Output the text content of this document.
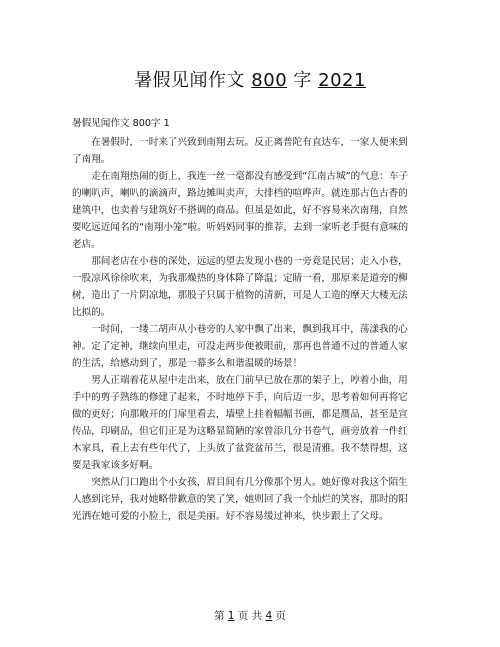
暑假见闻作文 800 字 2021

暑假见闻作文 800字 1

在暑假时，一时来了兴致到南翔去玩。反正离普陀有直达车，一家人便来到了南翔。

走在南翔热闹的街上，我连一丝一毫都没有感受到“江南古城”的气息：车子的喇叭声，喇叭的滴滴声，路边摊叫卖声，大排档的喧哗声。就连那古色古香的建筑中，也卖着与建筑好不搭调的商品。但虽是如此，好不容易来次南翔，自然要吃远近闻名的“南翔小笼”啦。听妈妈同事的推荐，去到一家听老手挺有意味的老店。

那间老店在小巷的深处，远远的望去发现小巷的一旁竟是民居；走入小巷，一股凉风徐徐吹来，为我那燥热的身体降了降温；定睛一看，那原来是道旁的柳树，造出了一片阴凉地，那股子只属于植物的清新，可是人工造的摩天大楼无法比拟的。

一时间，一缕二胡声从小巷旁的人家中飘了出来，飘到我耳中，荡漾我的心神。定了定神，继续向里走，可没走两步便被眼前，那再也普通不过的普通人家的生活，给感动到了，那是一幕多么和谐温暖的场景！

男人正端着花从屋中走出来，放在门前早已放在那的架子上，哼着小曲，用手中的剪子熟练的修建了起来，不时地停下手，向后迈一步，思考着如何再将它做的更好；向那敞开的门扉里看去，墙壁上挂着幅幅书画，都是赝品，甚至是宣传品，印刷品，但它们正是为这略显简陋的家曾添几分书卷气，画旁放着一件红木家具，看上去有些年代了，上头放了盆瓷盆吊兰，很是清雅。我不禁得想，这要是我家该多好啊。

突然从门口跑出个小女孩，眉目间有几分像那个男人。她好像对我这个陌生人感到诧异，我对她略带歉意的笑了笑，她则回了我一个灿烂的笑容，那时的阳光洒在她可爱的小脸上，很是美丽。好不容易缓过神来，快步跟上了父母。

第 1 页 共 4 页
